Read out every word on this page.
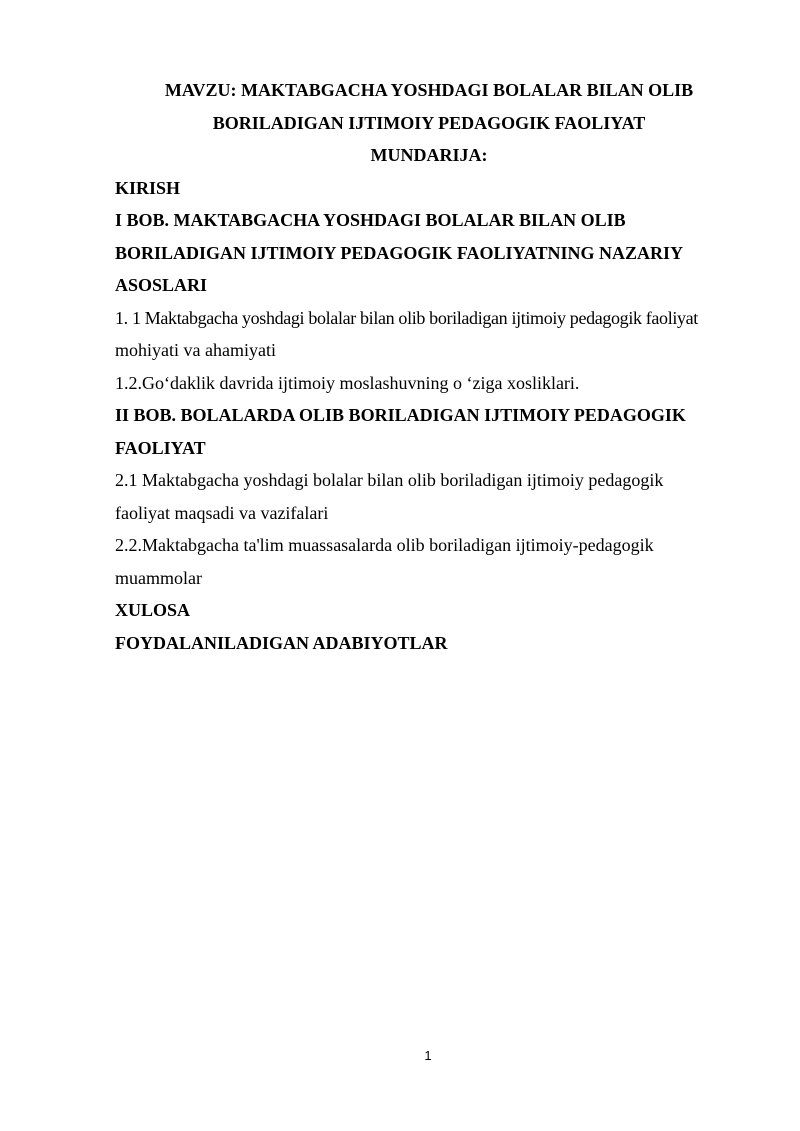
MAVZU: MAKTABGACHA YOSHDAGI BOLALAR BILAN OLIB
BORILADIGAN IJTIMOIY PEDAGOGIK FAOLIYAT
MUNDARIJA:
KIRISH
I BOB. MAKTABGACHA YOSHDAGI BOLALAR BILAN OLIB
BORILADIGAN IJTIMOIY PEDAGOGIK FAOLIYATNING NAZARIY
ASOSLARI
1. 1 Maktabgacha yoshdagi bolalar bilan olib boriladigan ijtimoiy pedagogik faoliyat
mohiyati va ahamiyati
1.2.Go‘daklik davrida ijtimoiy moslashuvning o ‘ziga xosliklari.
II BOB. BOLALARDA OLIB BORILADIGAN IJTIMOIY PEDAGOGIK
FAOLIYAT
2.1 Maktabgacha yoshdagi bolalar bilan olib boriladigan ijtimoiy pedagogik
faoliyat maqsadi va vazifalari
2.2.Maktabgacha ta'lim muassasalarda olib boriladigan ijtimoiy-pedagogik
muammolar
XULOSA
FOYDALANILADIGAN ADABIYOTLAR
1
